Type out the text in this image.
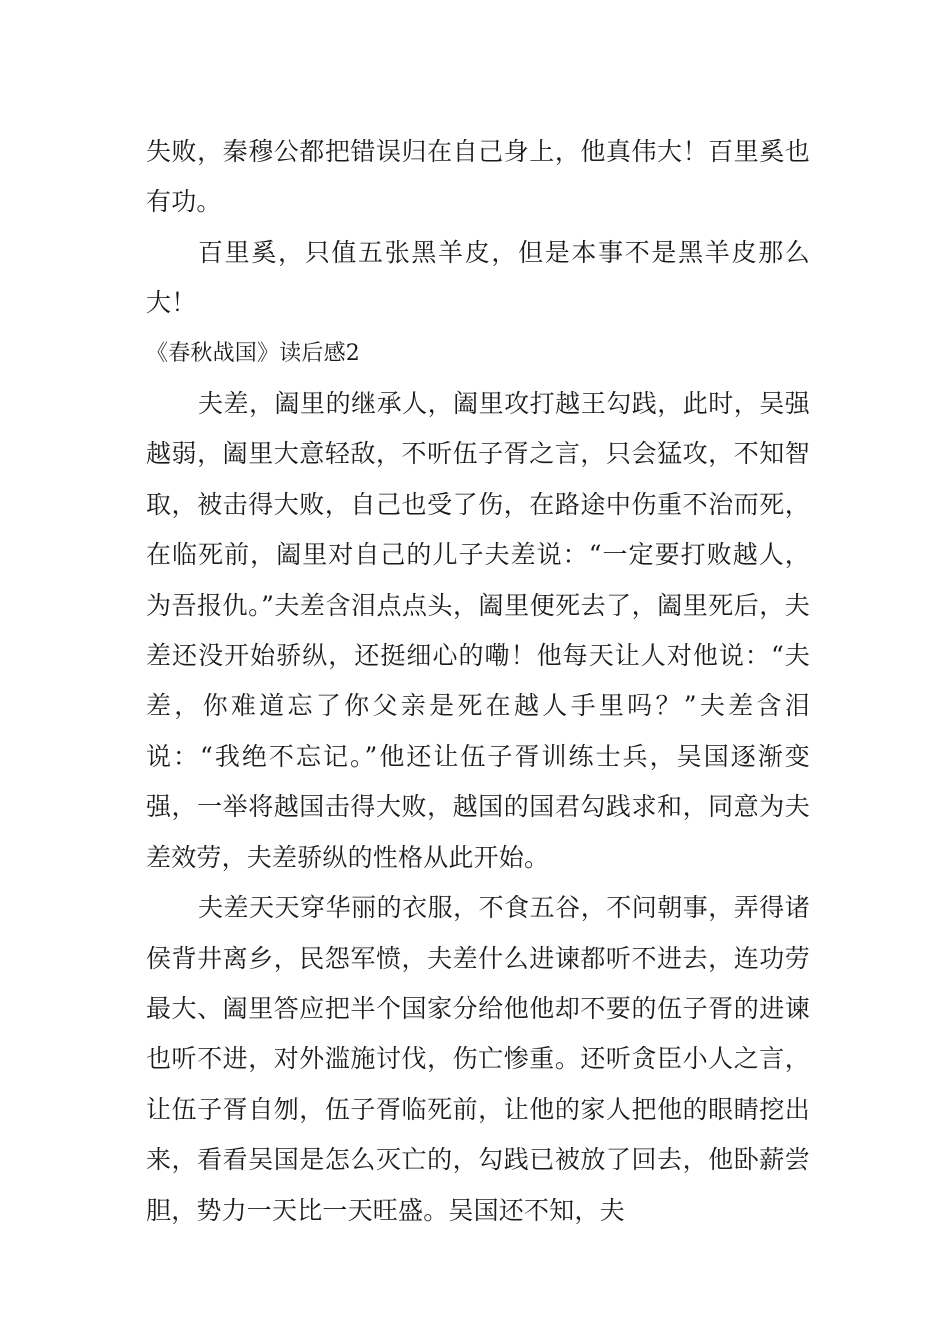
失败，秦穆公都把错误归在自己身上，他真伟大！百里奚也有功。

百里奚，只值五张黑羊皮，但是本事不是黑羊皮那么大！

《春秋战国》读后感2

夫差，阖里的继承人，阖里攻打越王勾践，此时，吴强越弱，阖里大意轻敌，不听伍子胥之言，只会猛攻，不知智取，被击得大败，自己也受了伤，在路途中伤重不治而死，在临死前，阖里对自己的儿子夫差说：“一定要打败越人，为吾报仇。”夫差含泪点点头，阖里便死去了，阖里死后，夫差还没开始骄纵，还挺细心的嘞！他每天让人对他说：“夫差，你难道忘了你父亲是死在越人手里吗？”夫差含泪说：“我绝不忘记。”他还让伍子胥训练士兵，吴国逐渐变强，一举将越国击得大败，越国的国君勾践求和，同意为夫差效劳，夫差骄纵的性格从此开始。

夫差天天穿华丽的衣服，不食五谷，不问朝事，弄得诸侯背井离乡，民怨军愤，夫差什么进谏都听不进去，连功劳最大、阖里答应把半个国家分给他他却不要的伍子胥的进谏也听不进，对外滥施讨伐，伤亡惨重。还听贪臣小人之言，让伍子胥自刎，伍子胥临死前，让他的家人把他的眼睛挖出来，看看吴国是怎么灭亡的，勾践已被放了回去，他卧薪尝胆，势力一天比一天旺盛。吴国还不知，夫
